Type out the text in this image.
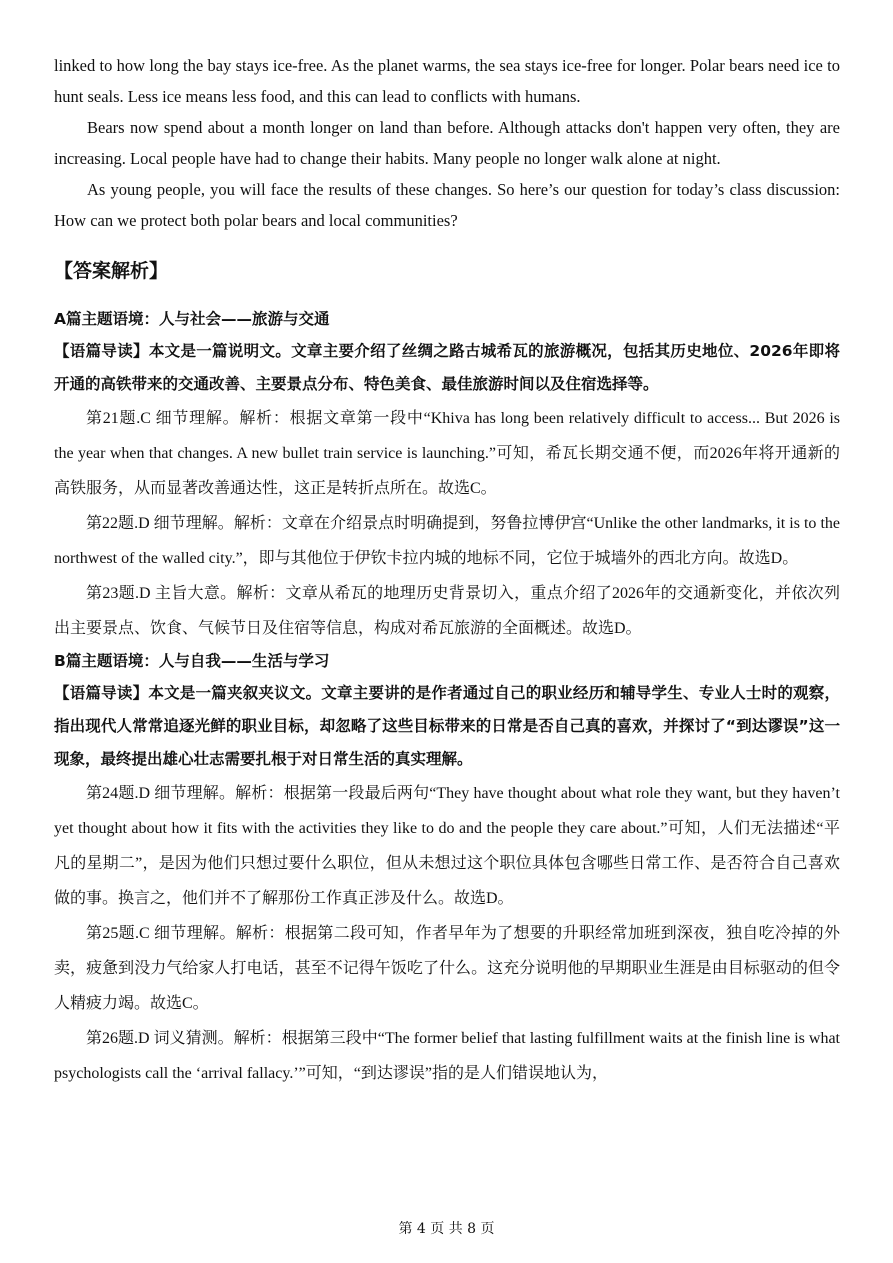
linked to how long the bay stays ice-free. As the planet warms, the sea stays ice-free for longer. Polar bears need ice to hunt seals. Less ice means less food, and this can lead to conflicts with humans.

Bears now spend about a month longer on land than before. Although attacks don't happen very often, they are increasing. Local people have had to change their habits. Many people no longer walk alone at night.

As young people, you will face the results of these changes. So here’s our question for today’s class discussion: How can we protect both polar bears and local communities?

【答案解析】

A篇主题语境：人与社会——旅游与交通

【语篇导读】本文是一篇说明文。文章主要介绍了丝绸之路古城希瓦的旅游概况，包括其历史地位、2026年即将开通的高铁带来的交通改善、主要景点分布、特色美食、最佳旅游时间以及住宿选择等。

第21题.C 细节理解。解析：根据文章第一段中“Khiva has long been relatively difficult to access... But 2026 is the year when that changes. A new bullet train service is launching.”可知，希瓦长期交通不便，而2026年将开通新的高铁服务，从而显著改善通达性，这正是转折点所在。故选C。

第22题.D 细节理解。解析：文章在介绍景点时明确提到，努鲁拉博伊宫“Unlike the other landmarks, it is to the northwest of the walled city.”，即与其他位于伊钦卡拉内城的地标不同，它位于城墙外的西北方向。故选D。

第23题.D 主旨大意。解析：文章从希瓦的地理历史背景切入，重点介绍了2026年的交通新变化，并依次列出主要景点、饮食、气候节日及住宿等信息，构成对希瓦旅游的全面概述。故选D。

B篇主题语境：人与自我——生活与学习

【语篇导读】本文是一篇夹叙夹议文。文章主要讲的是作者通过自己的职业经历和辅导学生、专业人士时的观察，指出现代人常常追逐光鲜的职业目标，却忽略了这些目标带来的日常是否自己真的喜欢，并探讨了“到达谬误”这一现象，最终提出雄心壮志需要扎根于对日常生活的真实理解。

第24题.D 细节理解。解析：根据第一段最后两句“They have thought about what role they want, but they haven’t yet thought about how it fits with the activities they like to do and the people they care about.”可知，人们无法描述“平凡的星期二”，是因为他们只想过要什么职位，但从未想过这个职位具体包含哪些日常工作、是否符合自己喜欢做的事。换言之，他们并不了解那份工作真正涉及什么。故选D。

第25题.C 细节理解。解析：根据第二段可知，作者早年为了想要的升职经常加班到深夜，独自吃冷掉的外卖，疲惫到没力气给家人打电话，甚至不记得午饭吃了什么。这充分说明他的早期职业生涯是由目标驱动的但令人精疲力竭。故选C。

第26题.D 词义猜测。解析：根据第三段中“The former belief that lasting fulfillment waits at the finish line is what psychologists call the ‘arrival fallacy.’”可知，“到达谬误”指的是人们错误地认为，

第 4 页 共 8 页
